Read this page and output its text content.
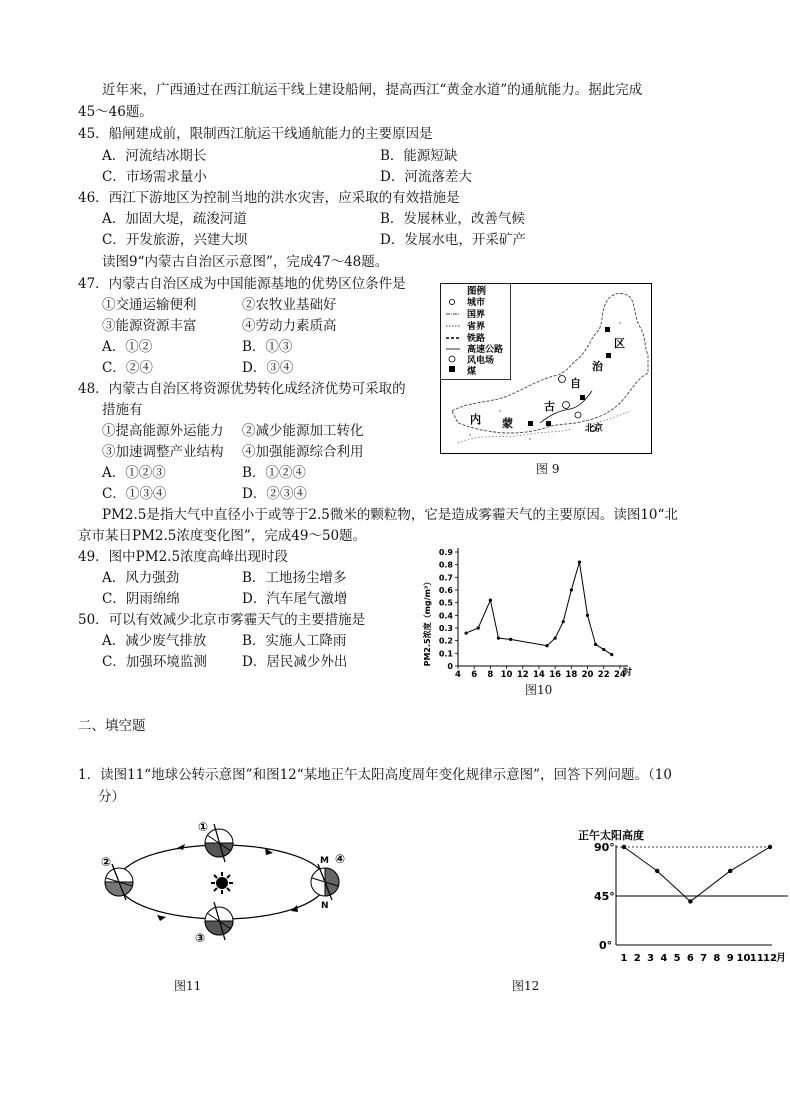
近年来，广西通过在西江航运干线上建设船闸，提高西江“黄金水道”的通航能力。据此完成
45～46题。
45．船闸建成前，限制西江航运干线通航能力的主要原因是
A．河流结冰期长	B．能源短缺
C．市场需求量小	D．河流落差大
46．西江下游地区为控制当地的洪水灾害，应采取的有效措施是
A．加固大堤，疏浚河道	B．发展林业，改善气候
C．开发旅游，兴建大坝	D．发展水电，开采矿产
读图9“内蒙古自治区示意图”，完成47～48题。
47．内蒙古自治区成为中国能源基地的优势区位条件是
①交通运输便利	②农牧业基础好
③能源资源丰富	④劳动力素质高
A．①②	B．①③
C．②④	D．③④
48．内蒙古自治区将资源优势转化成经济优势可采取的
措施有
①提高能源外运能力 ②减少能源加工转化
③加速调整产业结构 ④加强能源综合利用
A．①②③	B．①②④
C．①③④	D．②③④
图例
城市
国界
省界
铁路
高速公路
风电场
煤
内 蒙
古
自
治
区
北京
图 9
PM2.5是指大气中直径小于或等于2.5微米的颗粒物，它是造成雾霾天气的主要原因。读图10“北
京市某日PM2.5浓度变化图”，完成49～50题。
49．图中PM2.5浓度高峰出现时段
A．风力强劲	B．工地扬尘增多
C．阴雨绵绵	D．汽车尾气激增
50．可以有效减少北京市雾霾天气的主要措施是
A．减少废气排放	B．实施人工降雨
C．加强环境监测	D．居民减少外出	PM2.5浓度（mg/m³）
0
0.1
0.2
0.3
0.4
0.5
0.6
0.7
0.8
0.9
4 6 8 10 12 14 16 18 20 22 24
时
图10
二、填空题
1．读图11“地球公转示意图”和图12“某地正午太阳高度周年变化规律示意图”，回答下列问题。（10
分）
①
②
③
④
M
N
图11
正午太阳高度
90°
45°
0°
1 2 3 4 5 6 7 8 9 10 11 12 月
图12
